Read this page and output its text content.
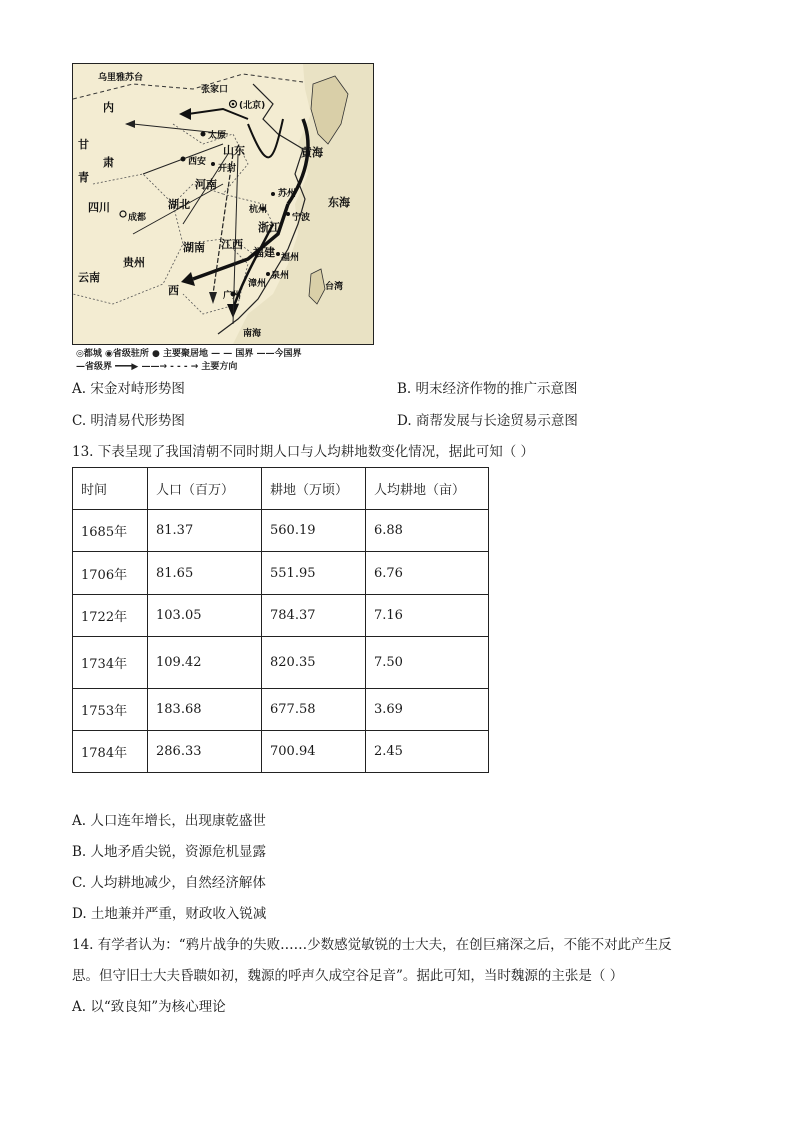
乌里雅苏台
张家口
(北京)
太原
山东
西安
开封
河南
湖北
四川
成都
湖南 江西
贵州
云南
西	广州
福建
浙江
杭州
苏州
宁波
泉州
漳州
福州
台湾
南海
东海
黄海
内
甘
肃
青
◎都城 ◉省级驻所 ● 主要聚居地 — — 国界 ——今国界
—省级界 ━━━▶ ——→ - - - → 主要方向
A. 宋金对峙形势图	B. 明末经济作物的推广示意图
C. 明清易代形势图	D. 商帮发展与长途贸易示意图
13. 下表呈现了我国清朝不同时期人口与人均耕地数变化情况，据此可知（ ）
时间	人口（百万）	耕地（万顷）	人均耕地（亩）
1685年	81.37	560.19	6.88
1706年	81.65	551.95	6.76
1722年	103.05	784.37	7.16
1734年	109.42	820.35	7.50
1753年	183.68	677.58	3.69
1784年	286.33	700.94	2.45
A. 人口连年增长，出现康乾盛世
B. 人地矛盾尖锐，资源危机显露
C. 人均耕地减少，自然经济解体
D. 土地兼并严重，财政收入锐减
14. 有学者认为：“鸦片战争的失败……少数感觉敏锐的士大夫，在创巨痛深之后，不能不对此产生反
思。但守旧士大夫昏聩如初，魏源的呼声久成空谷足音”。据此可知，当时魏源的主张是（ ）
A. 以“致良知”为核心理论
